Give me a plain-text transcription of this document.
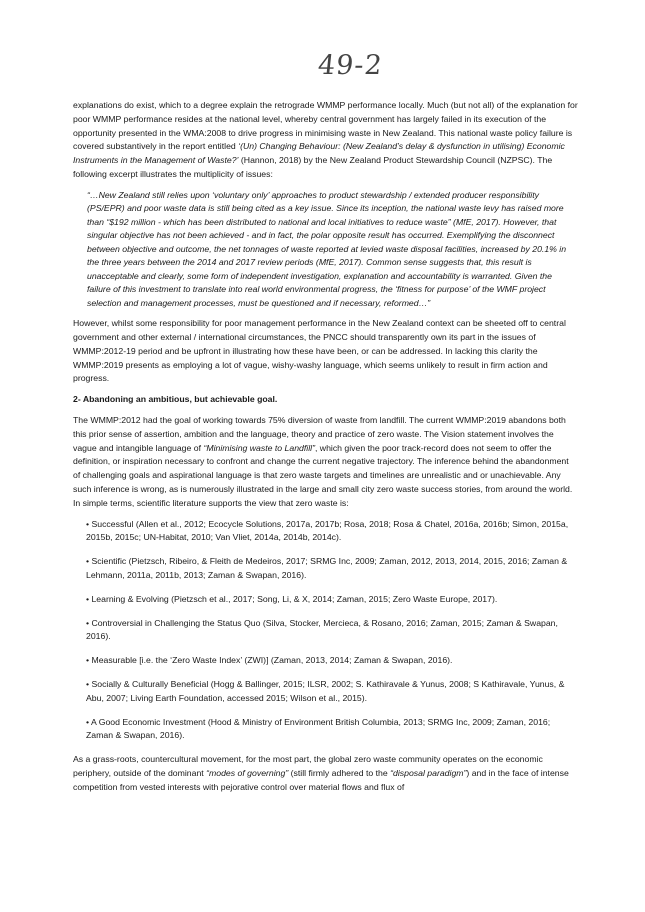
49-2

explanations do exist, which to a degree explain the retrograde WMMP performance locally. Much (but not all) of the explanation for poor WMMP performance resides at the national level, whereby central government has largely failed in its execution of the opportunity presented in the WMA:2008 to drive progress in minimising waste in New Zealand. This national waste policy failure is covered substantively in the report entitled ‘(Un) Changing Behaviour: (New Zealand’s delay & dysfunction in utilising) Economic Instruments in the Management of Waste?’ (Hannon, 2018) by the New Zealand Product Stewardship Council (NZPSC). The following excerpt illustrates the multiplicity of issues:

“…New Zealand still relies upon ‘voluntary only’ approaches to product stewardship / extended producer responsibility (PS/EPR) and poor waste data is still being cited as a key issue. Since its inception, the national waste levy has raised more than “$192 million - which has been distributed to national and local initiatives to reduce waste” (MfE, 2017). However, that singular objective has not been achieved - and in fact, the polar opposite result has occurred. Exemplifying the disconnect between objective and outcome, the net tonnages of waste reported at levied waste disposal facilities, increased by 20.1% in the three years between the 2014 and 2017 review periods (MfE, 2017). Common sense suggests that, this result is unacceptable and clearly, some form of independent investigation, explanation and accountability is warranted. Given the failure of this investment to translate into real world environmental progress, the ‘fitness for purpose’ of the WMF project selection and management processes, must be questioned and if necessary, reformed…”

However, whilst some responsibility for poor management performance in the New Zealand context can be sheeted off to central government and other external / international circumstances, the PNCC should transparently own its part in the issues of WMMP:2012-19 period and be upfront in illustrating how these have been, or can be addressed. In lacking this clarity the WMMP:2019 presents as employing a lot of vague, wishy-washy language, which seems unlikely to result in firm action and progress.

2- Abandoning an ambitious, but achievable goal.

The WMMP:2012 had the goal of working towards 75% diversion of waste from landfill. The current WMMP:2019 abandons both this prior sense of assertion, ambition and the language, theory and practice of zero waste. The Vision statement involves the vague and intangible language of “Minimising waste to Landfill”, which given the poor track-record does not seem to offer the definition, or inspiration necessary to confront and change the current negative trajectory. The inference behind the abandonment of challenging goals and aspirational language is that zero waste targets and timelines are unrealistic and or unachievable. Any such inference is wrong, as is numerously illustrated in the large and small city zero waste success stories, from around the world. In simple terms, scientific literature supports the view that zero waste is:

• Successful (Allen et al., 2012; Ecocycle Solutions, 2017a, 2017b; Rosa, 2018; Rosa & Chatel, 2016a, 2016b; Simon, 2015a, 2015b, 2015c; UN-Habitat, 2010; Van Vliet, 2014a, 2014b, 2014c).
• Scientific (Pietzsch, Ribeiro, & Fleith de Medeiros, 2017; SRMG Inc, 2009; Zaman, 2012, 2013, 2014, 2015, 2016; Zaman & Lehmann, 2011a, 2011b, 2013; Zaman & Swapan, 2016).
• Learning & Evolving (Pietzsch et al., 2017; Song, Li, & X, 2014; Zaman, 2015; Zero Waste Europe, 2017).
• Controversial in Challenging the Status Quo (Silva, Stocker, Mercieca, & Rosano, 2016; Zaman, 2015; Zaman & Swapan, 2016).
• Measurable [i.e. the ‘Zero Waste Index’ (ZWI)] (Zaman, 2013, 2014; Zaman & Swapan, 2016).
• Socially & Culturally Beneficial (Hogg & Ballinger, 2015; ILSR, 2002; S. Kathiravale & Yunus, 2008; S Kathiravale, Yunus, & Abu, 2007; Living Earth Foundation, accessed 2015; Wilson et al., 2015).
• A Good Economic Investment (Hood & Ministry of Environment British Columbia, 2013; SRMG Inc, 2009; Zaman, 2016; Zaman & Swapan, 2016).

As a grass-roots, countercultural movement, for the most part, the global zero waste community operates on the economic periphery, outside of the dominant “modes of governing” (still firmly adhered to the “disposal paradigm”) and in the face of intense competition from vested interests with pejorative control over material flows and flux of
